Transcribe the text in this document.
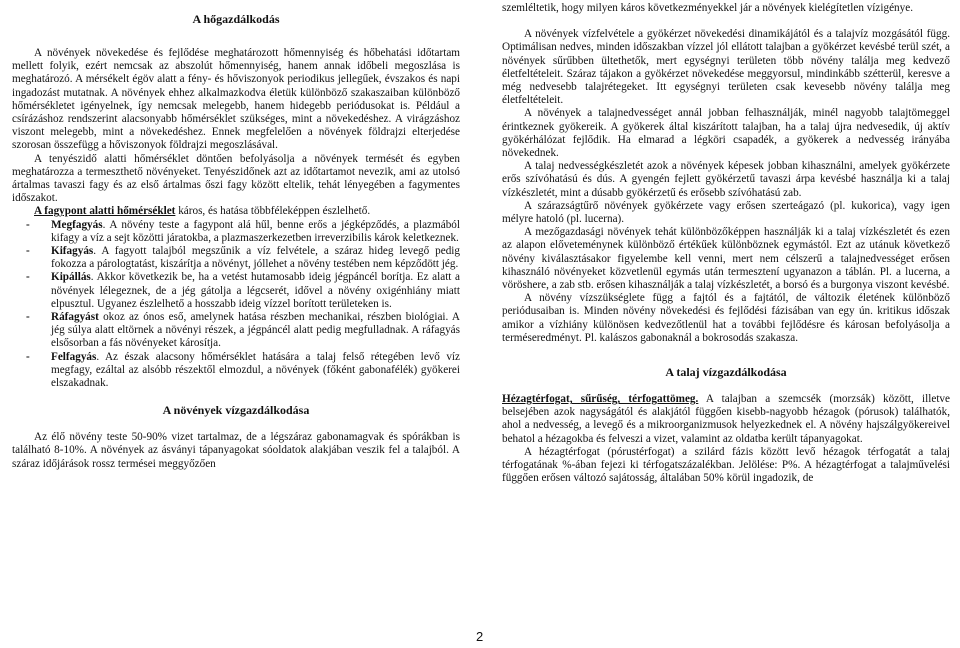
A hőgazdálkodás

A növények növekedése és fejlődése meghatározott hőmennyiség és hőbehatási időtartam mellett folyik, ezért nemcsak az abszolút hőmennyiség, hanem annak időbeli megoszlása is meghatározó. A mérsékelt égöv alatt a fény- és hőviszonyok periodikus jellegűek, évszakos és napi ingadozást mutatnak. A növények ehhez alkalmazkodva életük különböző szakaszaiban különböző hőmérsékletet igényelnek, így nemcsak melegebb, hanem hidegebb periódusokat is. Például a csírázáshoz rendszerint alacsonyabb hőmérséklet szükséges, mint a növekedéshez. A virágzáshoz viszont melegebb, mint a növekedéshez. Ennek megfelelően a növények földrajzi elterjedése szorosan összefügg a hőviszonyok földrajzi megoszlásával.

A tenyészidő alatti hőmérséklet döntően befolyásolja a növények termését és egyben meghatározza a termeszthető növényeket. Tenyészidőnek azt az időtartamot nevezik, ami az utolsó ártalmas tavaszi fagy és az első ártalmas őszi fagy között eltelik, tehát lényegében a fagymentes időszakot.

A fagypont alatti hőmérséklet káros, és hatása többféleképpen észlelhető.

- Megfagyás. A növény teste a fagypont alá hűl, benne erős a jégképződés, a plazmából kifagy a víz a sejt közötti járatokba, a plazmaszerkezetben irreverzibilis károk keletkeznek.
- Kifagyás. A fagyott talajból megszűnik a víz felvétele, a száraz hideg levegő pedig fokozza a párologtatást, kiszárítja a növényt, jóllehet a növény testében nem képződött jég.
- Kipállás. Akkor következik be, ha a vetést hutamosabb ideig jégpáncél borítja. Ez alatt a növények lélegeznek, de a jég gátolja a légcserét, idővel a növény oxigénhiány miatt elpusztul. Ugyanez észlelhető a hosszabb ideig vízzel borított területeken is.
- Ráfagyást okoz az ónos eső, amelynek hatása részben mechanikai, részben biológiai. A jég súlya alatt eltörnek a növényi részek, a jégpáncél alatt pedig megfulladnak. A ráfagyás elsősorban a fás növényeket károsítja.
- Felfagyás. Az észak alacsony hőmérséklet hatására a talaj felső rétegében levő víz megfagy, ezáltal az alsóbb részektől elmozdul, a növények (főként gabonafélék) gyökerei elszakadnak.

A növények vízgazdálkodása

Az élő növény teste 50-90% vizet tartalmaz, de a légszáraz gabonamagvak és spórákban is található 8-10%. A növények az ásványi tápanyagokat sóoldatok alakjában veszik fel a talajból. A száraz időjárások rossz termései meggyőzően

szemléltetik, hogy milyen káros következményekkel jár a növények kielégítetlen vízigénye.

A növények vízfelvétele a gyökérzet növekedési dinamikájától és a talajvíz mozgásától függ. Optimálisan nedves, minden időszakban vízzel jól ellátott talajban a gyökérzet kevésbé terül szét, a növények sűrűbben ültethetők, mert egységnyi területen több növény találja meg kedvező életfeltételeit. Száraz tájakon a gyökérzet növekedése meggyorsul, mindinkább szétterül, keresve a még nedvesebb talajrétegeket. Itt egységnyi területen csak kevesebb növény találja meg életfeltételeit.

A növények a talajnedvességet annál jobban felhasználják, minél nagyobb talajtömeggel érintkeznek gyökereik. A gyökerek által kiszárított talajban, ha a talaj újra nedvesedik, új aktív gyökérhálózat fejlődik. Ha elmarad a légköri csapadék, a gyökerek a nedvesség irányába növekednek.

A talaj nedvességkészletét azok a növények képesek jobban kihasználni, amelyek gyökérzete erős szívóhatású és dús. A gyengén fejlett gyökérzetű tavaszi árpa kevésbé használja ki a talaj vízkészletét, mint a dúsabb gyökérzetű és erősebb szívóhatású zab.

A szárazságtűrő növények gyökérzete vagy erősen szerteágazó (pl. kukorica), vagy igen mélyre hatoló (pl. lucerna).

A mezőgazdasági növények tehát különbözőképpen használják ki a talaj vízkészletét és ezen az alapon előveteménynek különböző értékűek különböznek egymástól. Ezt az utánuk következő növény kiválasztásakor figyelembe kell venni, mert nem célszerű a talajnedvességet erősen kihasználó növényeket közvetlenül egymás után termesztení ugyanazon a táblán. Pl. a lucerna, a vöröshere, a zab stb. erősen kihasználják a talaj vízkészletét, a borsó és a burgonya viszont kevésbé.

A növény vízszükséglete függ a fajtól és a fajtától, de változik életének különböző periódusaiban is. Minden növény növekedési és fejlődési fázisában van egy ún. kritikus időszak amikor a vízhiány különösen kedvezőtlenül hat a további fejlődésre és károsan befolyásolja a terméseredményt. Pl. kalászos gabonaknál a bokrosodás szakasza.

A talaj vízgazdálkodása

Hézagtérfogat, sűrűség, térfogattömeg. A talajban a szemcsék (morzsák) között, illetve belsejében azok nagyságától és alakjától függően kisebb-nagyobb hézagok (pórusok) találhatók, ahol a nedvesség, a levegő és a mikroorganizmusok helyezkednek el. A növény hajszálgyökereivel behatol a hézagokba és felveszi a vizet, valamint az oldatba került tápanyagokat.

A hézagtérfogat (pórustérfogat) a szilárd fázis között levő hézagok térfogatát a talaj térfogatának %-ában fejezi ki térfogatszázalékban. Jelölése: P%. A hézagtérfogat a talajművelési függően erősen változó sajátosság, általában 50% körül ingadozik, de

2
